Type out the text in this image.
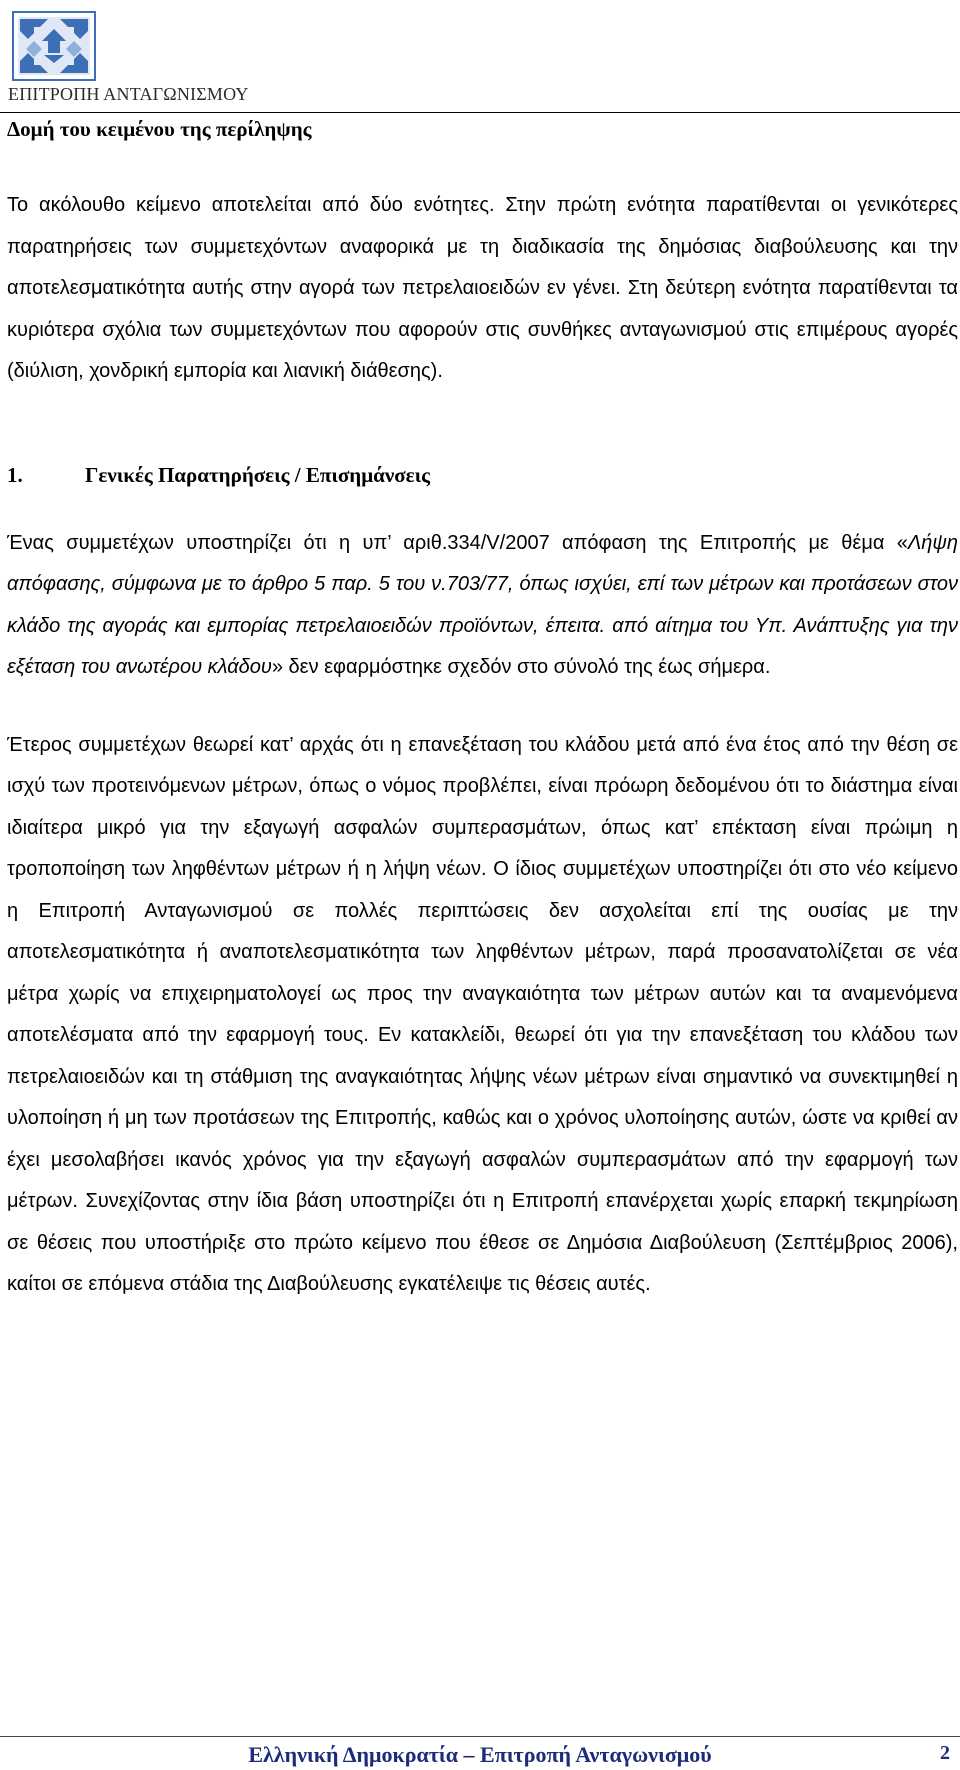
ΕΠΙΤΡΟΠΗ ΑΝΤΑΓΩΝΙΣΜΟΥ
Δομή του κειμένου της περίληψης

Το ακόλουθο κείμενο αποτελείται από δύο ενότητες. Στην πρώτη ενότητα παρατίθενται οι γενικότερες παρατηρήσεις των συμμετεχόντων αναφορικά με τη διαδικασία της δημόσιας διαβούλευσης και την αποτελεσματικότητα αυτής στην αγορά των πετρελαιοειδών εν γένει. Στη δεύτερη ενότητα παρατίθενται τα κυριότερα σχόλια των συμμετεχόντων που αφορούν στις συνθήκες ανταγωνισμού στις επιμέρους αγορές (διύλιση, χονδρική εμπορία και λιανική διάθεσης).

1.	Γενικές Παρατηρήσεις / Επισημάνσεις

Ένας συμμετέχων υποστηρίζει ότι η υπ’ αριθ.334/V/2007 απόφαση της Επιτροπής με θέμα «Λήψη απόφασης, σύμφωνα με το άρθρο 5 παρ. 5 του ν.703/77, όπως ισχύει, επί των μέτρων και προτάσεων στον κλάδο της αγοράς και εμπορίας πετρελαιοειδών προϊόντων, έπειτα. από αίτημα του Υπ. Ανάπτυξης για την εξέταση του ανωτέρου κλάδου» δεν εφαρμόστηκε σχεδόν στο σύνολό της έως σήμερα.

Έτερος συμμετέχων θεωρεί κατ’ αρχάς ότι η επανεξέταση του κλάδου μετά από ένα έτος από την θέση σε ισχύ των προτεινόμενων μέτρων, όπως ο νόμος προβλέπει, είναι πρόωρη δεδομένου ότι το διάστημα είναι ιδιαίτερα μικρό για την εξαγωγή ασφαλών συμπερασμάτων, όπως κατ’ επέκταση είναι πρώιμη η τροποποίηση των ληφθέντων μέτρων ή η λήψη νέων. Ο ίδιος συμμετέχων υποστηρίζει ότι στο νέο κείμενο η Επιτροπή Ανταγωνισμού σε πολλές περιπτώσεις δεν ασχολείται επί της ουσίας με την αποτελεσματικότητα ή αναποτελεσματικότητα των ληφθέντων μέτρων, παρά προσανατολίζεται σε νέα μέτρα χωρίς να επιχειρηματολογεί ως προς την αναγκαιότητα των μέτρων αυτών και τα αναμενόμενα αποτελέσματα από την εφαρμογή τους. Εν κατακλείδι, θεωρεί ότι για την επανεξέταση του κλάδου των πετρελαιοειδών και τη στάθμιση της αναγκαιότητας λήψης νέων μέτρων είναι σημαντικό να συνεκτιμηθεί η υλοποίηση ή μη των προτάσεων της Επιτροπής, καθώς και ο χρόνος υλοποίησης αυτών, ώστε να κριθεί αν έχει μεσολαβήσει ικανός χρόνος για την εξαγωγή ασφαλών συμπερασμάτων από την εφαρμογή των μέτρων. Συνεχίζοντας στην ίδια βάση υποστηρίζει ότι η Επιτροπή επανέρχεται χωρίς επαρκή τεκμηρίωση σε θέσεις που υποστήριξε στο πρώτο κείμενο που έθεσε σε Δημόσια Διαβούλευση (Σεπτέμβριος 2006), καίτοι σε επόμενα στάδια της Διαβούλευσης εγκατέλειψε τις θέσεις αυτές.

Ελληνική Δημοκρατία – Επιτροπή Ανταγωνισμού	2
